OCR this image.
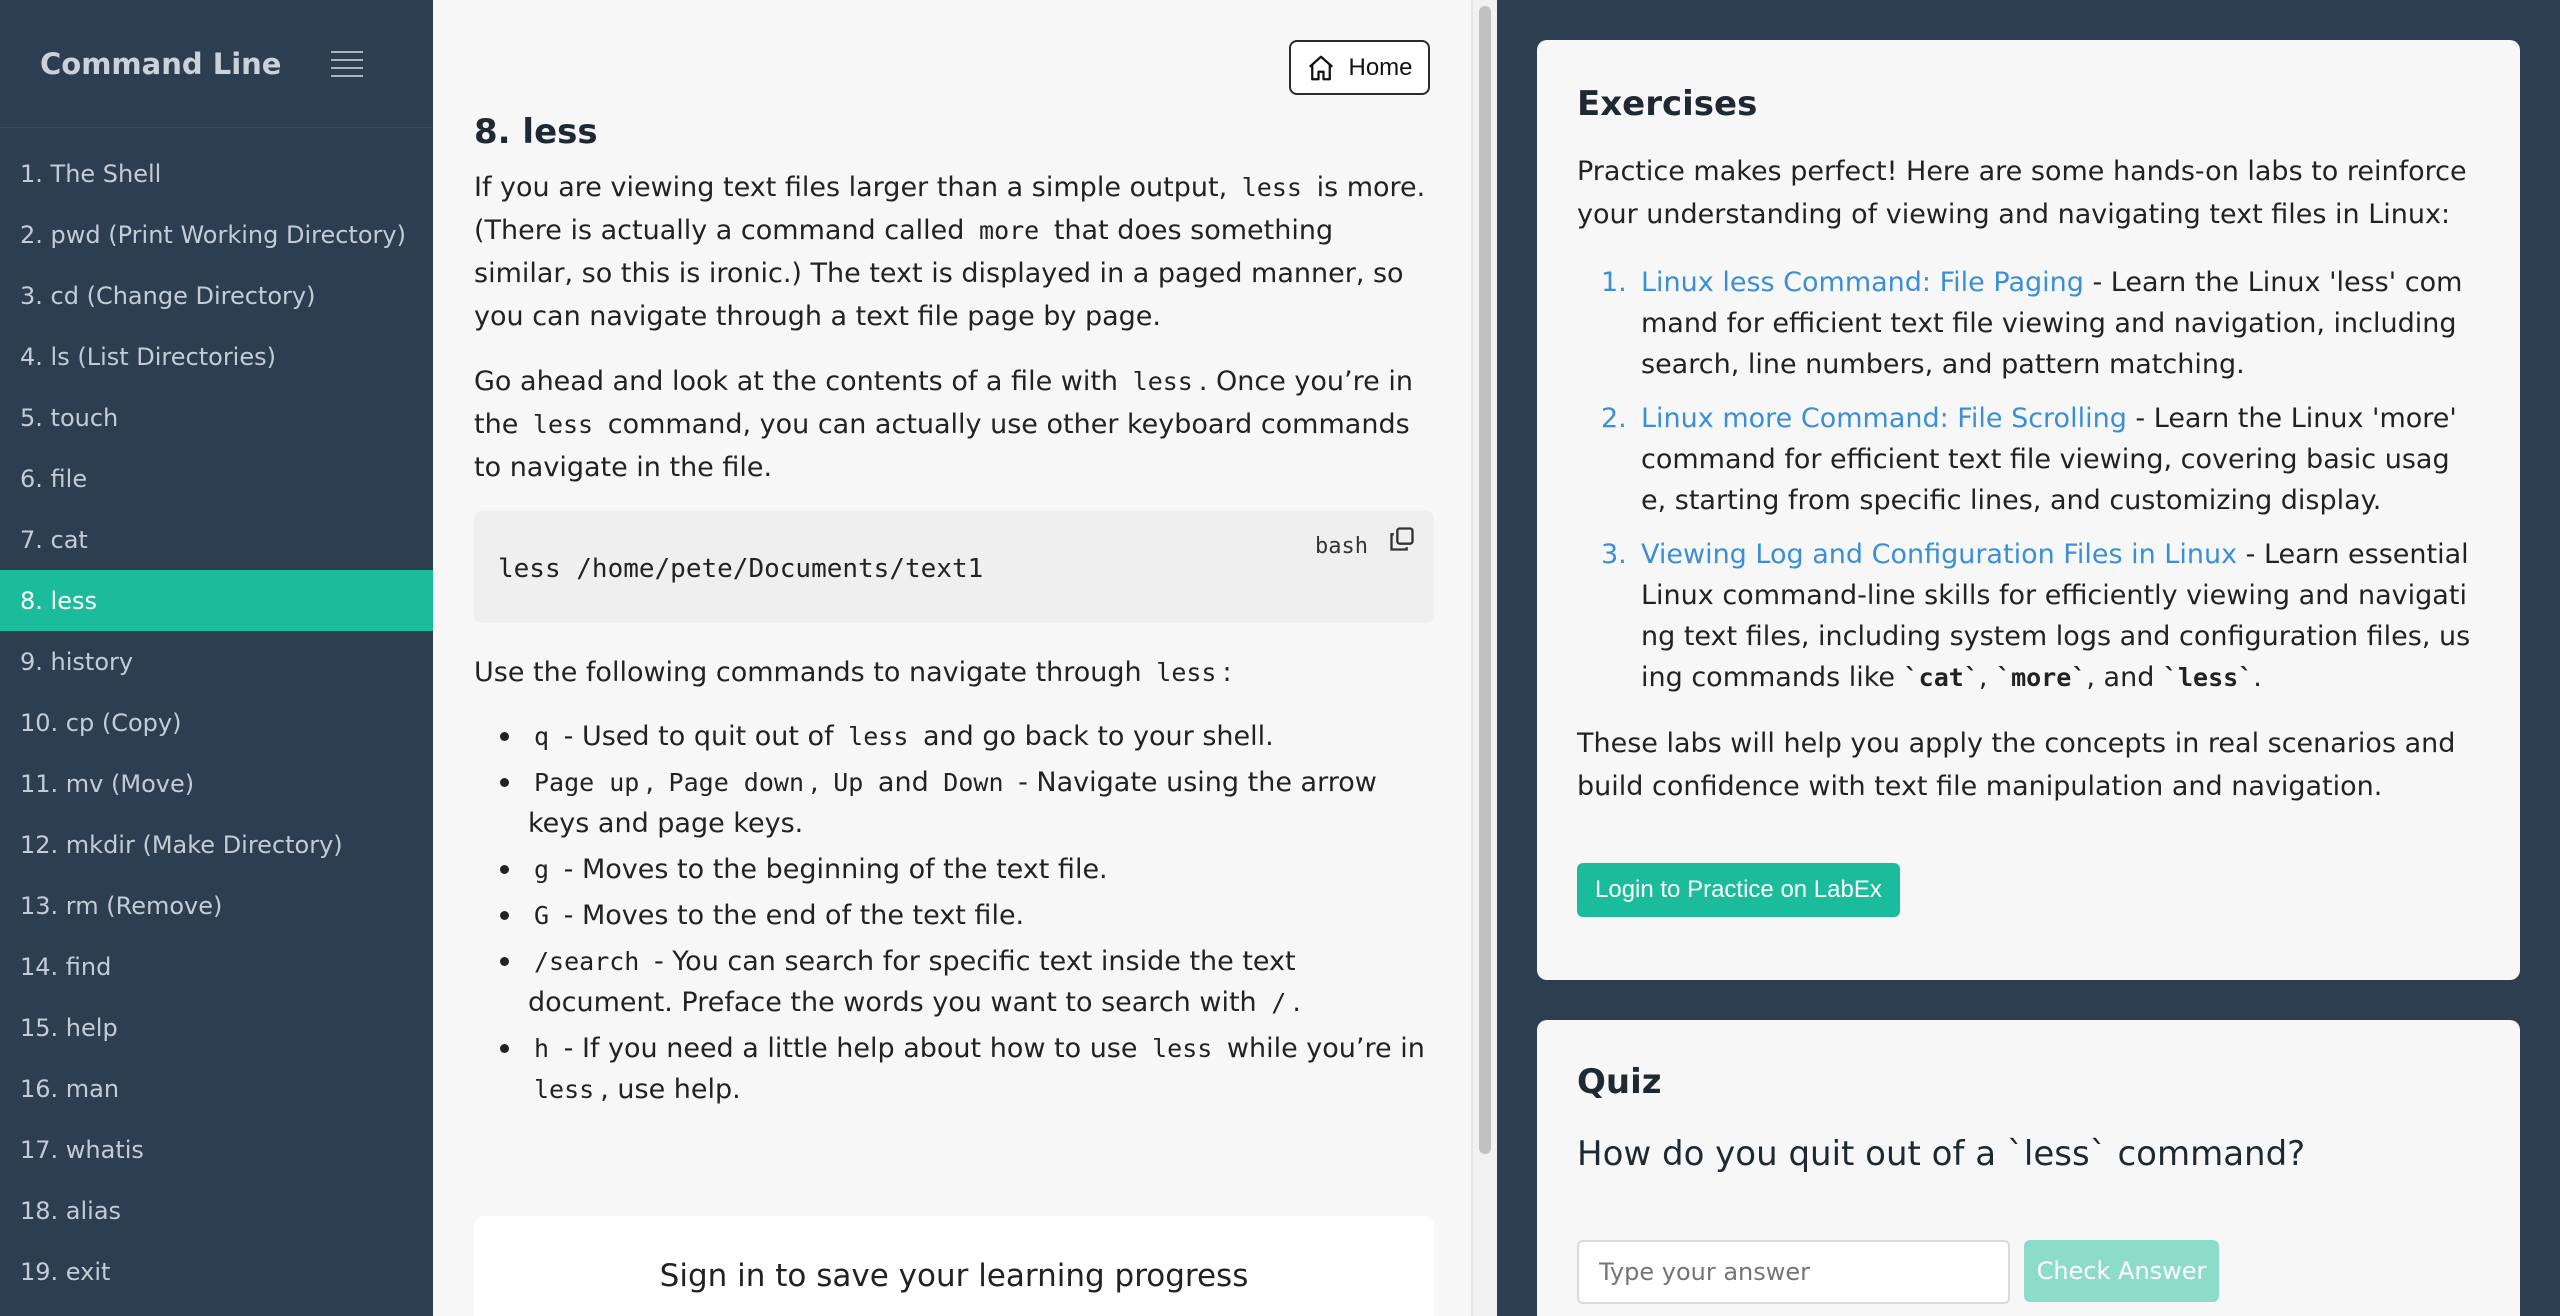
Command Line
1. The Shell
2. pwd (Print Working Directory)
3. cd (Change Directory)
4. ls (List Directories)
5. touch
6. file
7. cat
8. less
9. history
10. cp (Copy)
11. mv (Move)
12. mkdir (Make Directory)
13. rm (Remove)
14. find
15. help
16. man
17. whatis
18. alias
19. exit
Home
8. less

If you are viewing text files larger than a simple output, less is more. (There is actually a command called more that does something similar, so this is ironic.) The text is displayed in a paged manner, so you can navigate through a text file page by page.

Go ahead and look at the contents of a file with less . Once you’re in the less command, you can actually use other keyboard commands to navigate in the file.

less /home/pete/Documents/text1
bash

Use the following commands to navigate through less :

q - Used to quit out of less and go back to your shell.
Page up , Page down , Up and Down - Navigate using the arrow keys and page keys.
g - Moves to the beginning of the text file.
G - Moves to the end of the text file.
/search - You can search for specific text inside the text document. Preface the words you want to search with / .
h - If you need a little help about how to use less while you’re in less , use help.
Sign in to save your learning progress
Exercises

Practice makes perfect! Here are some hands-on labs to reinforce your understanding of viewing and navigating text files in Linux:

1. Linux less Command: File Paging - Learn the Linux 'less' command for efficient text file viewing and navigation, including search, line numbers, and pattern matching.
2. Linux more Command: File Scrolling - Learn the Linux 'more' command for efficient text file viewing, covering basic usage, starting from specific lines, and customizing display.
3. Viewing Log and Configuration Files in Linux - Learn essential Linux command-line skills for efficiently viewing and navigating text files, including system logs and configuration files, using commands like `cat`, `more`, and `less`.

These labs will help you apply the concepts in real scenarios and build confidence with text file manipulation and navigation.

Login to Practice on LabEx
Quiz
How do you quit out of a `less` command?
Type your answer
Check Answer
